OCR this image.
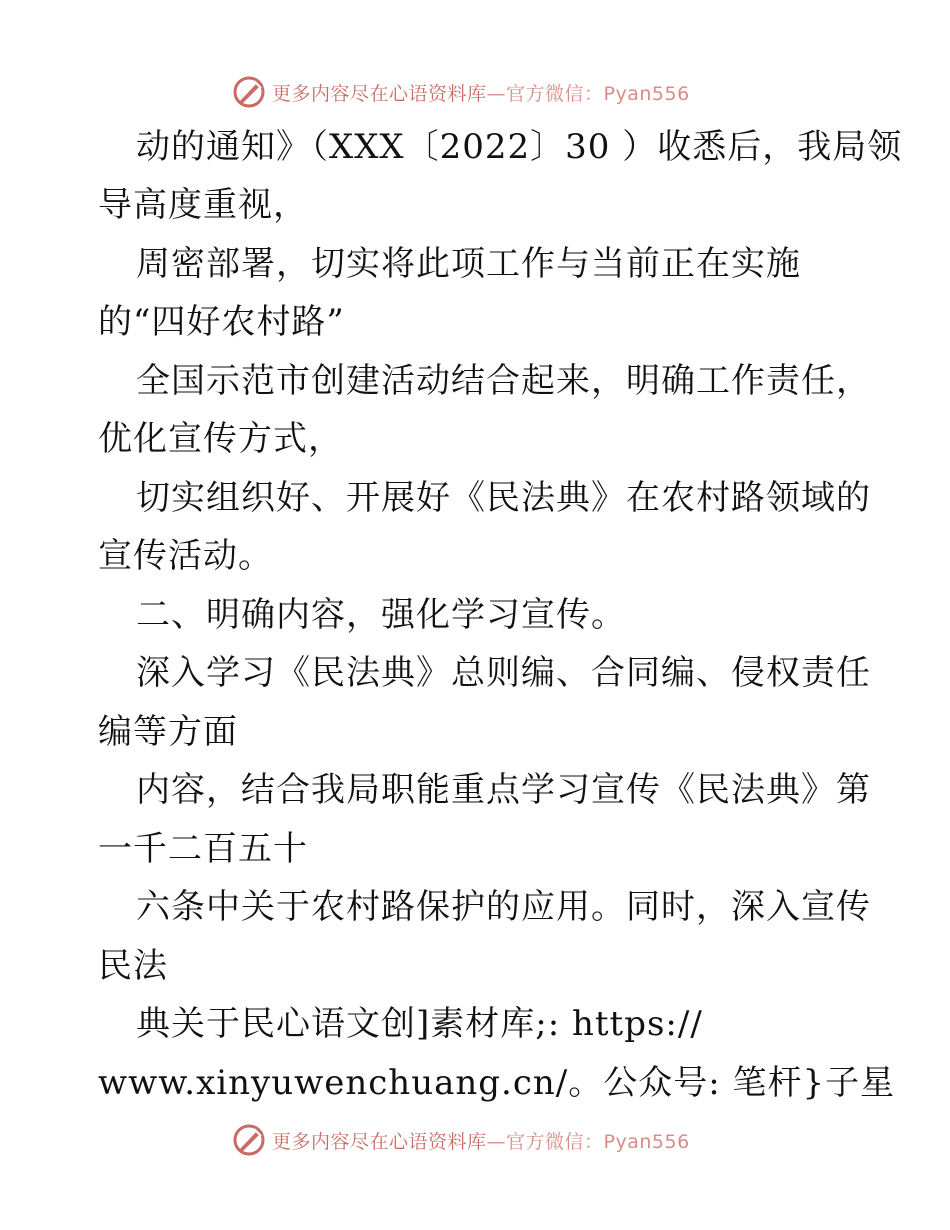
更多内容尽在心语资料库—官方微信：Pyan556

动的通知》（XXX〔2022〕30 ）收悉后，我局领

导高度重视，

周密部署，切实将此项工作与当前正在实施

的“四好农村路”

全国示范市创建活动结合起来，明确工作责任，

优化宣传方式，

切实组织好、开展好《民法典》在农村路领域的

宣传活动。

二、明确内容，强化学习宣传。

深入学习《民法典》总则编、合同编、侵权责任

编等方面

内容，结合我局职能重点学习宣传《民法典》第

一千二百五十

六条中关于农村路保护的应用。同时，深入宣传

民法

典关于民心语文创]素材库;: https://

www.xinyuwenchuang.cn/。公众号: 笔杆}子星

更多内容尽在心语资料库—官方微信：Pyan556
